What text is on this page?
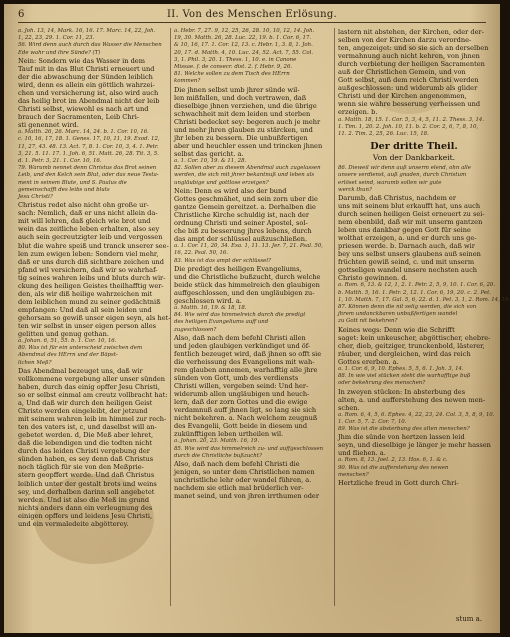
6	II. Von des Menschen Erlösung.
a. Joh. 13, 14, Mark. 16, 16. 17. Marc. 14, 22, Joh.
1, 22, 23, 29. 1. Cor. 11, 23.
56. Wird denn auch durch das Wasser die Menschen
Ede wahr und ihre Sünde? (T)
Nein: Sondern wie das Wasser in dem
Tauf mit in das Blut Christi erneuert und
der die abwaschung der Sünden leiblich
wird, denn es allein ein göttlich wahrzei-
chen und versicherung ist, also wird auch
das heilig brot im Abendmal nicht der leib
Christi selbst, wiewohl es nach art und
brauch der Sacramenten, Leib Chri-
sti genennet wird.
a. Matth. 26, 26. Marc. 14, 24. b. 1. Cor. 10, 16.
c. 10, 16, 17, 18. 1. Genes. 17, 10, 11, 19. Exod. 12,
11, 27, 43. 48. 13. Act. 7, 8. 1. Cor. 10, 3, 4. 1. Petr.
3, 21. 5. 11. 17. 1. Joh. 6, 51. Matt. 26, 28. Tit. 3, 5.
d. 1. Petr. 3, 21. 1. Cor. 10, 16.
79. Warumb nennet denn Christus das Brot seinen
Leib, und den Kelch sein Blut, oder das neue Testa-
ment in seinem Blute, und S. Paulus die
gemeinschafft des leibs und bluts
Jesu Christi?
Christus redet also nicht ohn große ur-
sach: Nemlich, daß er uns nicht allein da-
mit will lehren, daß gleich wie brot und
wein das zeitliche leben erhalten, also sey
auch sein gecreutzigter leib und vergossen
blut die wahre speiß und tranck unserer see-
len zum ewigen leben: Sondern viel mehr,
daß er uns durch diß sichtbare zeichen und
pfand wil versichern, daß wir so wahrhaf-
tig seines wahren leibs und bluts durch wir-
ckung des heiligen Geistes theilhafftig wer-
den, als wir diß heilige wahrzeichen mit
dem leiblichen mund zu seiner gedächtniß
empfangen: Und daß all sein leiden und
gehorsam so gewiß unser eigen seyn, als het-
ten wir selbst in unser eigen person alles
gelitten und genug gethan.
a. Johan. 6, 51, 55. b. 1. Cor. 10, 16.
80. Was ist für ein unterscheid zwischen dem
Abendmal des HErrn und der Bäpst-
lichen Meß?
Das Abendmal bezeuget uns, daß wir
vollkommene vergebung aller unser sünden
haben, durch das einig opffer Jesu Christi,
so er selbst einmal am creutz vollbracht hat:
a, Und daß wir durch den heiligen Geist
Christo werden eingeleibt, der jetzund
mit seinem wahren leib im himmel zur rech-
ten des vaters ist, c, und daselbst will an-
gebetet werden. d, Die Meß aber lehret,
daß die lebendigen und die todten nicht
durch das leiden Christi vergebung der
sünden haben, es sey denn daß Christus
noch täglich für sie von den Meßprie-
stern geopffert werde. Und daß Christus
leiblich unter der gestalt brots und weins
sey, und derhalben darinn soll angebetet
werden. Und ist also die Meß im grund
nichts anders dann ein verleugnung des
einigen opffers und leidens Jesu Christi,
und ein vermaledeite abgötterey.
a. Hebr. 7, 27. 9, 12, 25, 26, 28. 10, 10, 12, 14. Joh.
19, 30. Matth. 26, 28. Luc. 22, 19. b. 1. Cor. 6, 17.
& 10, 16, 17. 1. Cor. 12, 13. c. Hebr. 1, 3. 8, 1. Joh.
20, 17. d. Matth. 4, 10. Luc. 24, 52. Act. 7, 55. Col.
3, 1. Phil. 3, 20. 1. Thess. 1, 10. e. in Canone
Missae. f. de consecr. dist. 2. f. Hebr. 9, 26.
81. Welche sollen zu dem Tisch des HErrn
kommen?
Die jhnen selbst umb jhrer sünde wil-
len mißfallen, und doch vertrawen, daß
dieselbige jhnen verziehen, und die übrige
schwachheit mit dem leiden und sterben
Christi bedecket sey: begeren auch je mehr
und mehr jhren glauben zu stärcken, und
jhr leben zu bessern. Die unbußfertigen
aber und heuchler essen und trincken jhnen
selbst das gericht. a.
a. 1. Cor. 10, 19. & 11, 28.
82. Sollen aber zu diesem Abendmal auch zugelassen
werden, die sich mit jhrer bekantnuß und leben als
ungläubige und gottlose erzeigen?
Nein: Denn es wird also der bund
Gottes geschmähet, und sein zorn uber die
gantze Gemein gereitzet. a. Derhalben die
Christliche Kirche schuldig ist, nach der
ordnung Christi und seiner Apostel, sol-
che biß zu besserung jhres lebens, durch
das ampt der schlüssel außzuschließen.
a. 1. Cor. 11, 20, 34. Esa. 1, 11. 13. Jer. 7, 21. Psal. 50,
16, 22. Psal. 50, 16.
83. Was ist das ampt der schlüssel?
Die predigt des heiligen Evangeliums,
und die Christliche bußzucht, durch welche
beide stück das himmelreich den glaubigen
auffgeschlossen, und den ungläubigen zu-
geschlossen wird. a.
a. Matth. 16, 19. & 18, 18.
84. Wie wird das himmelreich durch die predigt
des heiligen Evangeliums auff und
zugeschlossen?
Also, daß nach dem befehl Christi allen
und jeden glaubigen verkündiget und öf-
fentlich bezeuget wird, daß jhnen so offt sie
die verheissung des Evangelions mit wah-
rem glauben annemen, warhafftig alle jhre
sünden von Gott, umb des verdiensts
Christi willen, vergeben seind: Und her-
widerumb allen ungläubigen und heuch-
lern, daß der zorn Gottes und die ewige
verdamnuß auff jhnen ligt, so lang sie sich
nicht bekehren. a. Nach welchem zeugnuß
des Evangelii, Gott beide in diesem und
zukünfftigen leben urtheilen wil.
a. Johan. 20, 23. Matth. 16, 19.
85. Wie wird das himmelreich zu- und auffgeschlossen
durch die Christliche bußzucht?
Also, daß nach dem befehl Christi die
jenigen, so unter dem Christlichen namen
unchristliche lehr oder wandel führen, a.
nachdem sie etlich mal brüderlich ver-
manet seind, und von jhren irrthumen oder
lastern nit abstehen, der Kirchen, oder der-
selben von der Kirchen darzu verordne-
ten, angezeiget: und so sie sich an derselben
vermahnung auch nicht kehren, von jhnen
durch verbietung der heiligen Sacramenten
auß der Christlichen Gemein, und von
Gott selbst, auß dem reich Christi werden
außgeschlossen: und widerumb als glider
Christi und der Kirchen angenommen,
wenn sie wahre besserung verheissen und
erzeigen. b.
a. Matth. 18, 15. 1. Cor. 5, 3, 4, 5, 11. 2. Thess. 3, 14.
1. Tim. 1, 20. 2. Joh. 10, 11. b. 2. Cor. 2, 6, 7, 8, 10,
11. 2. Tim. 2, 25, 26. Luc. 15, 18.
Der dritte Theil.
Von der Dankbarkeit.
86. Dieweil wir denn auß unserm elend, ohn alle
unsere verdienst, auß gnaden, durch Christum
erlöset seind, warumb sollen wir gute
werck thun?
Darumb, daß Christus, nachdem er
uns mit seinem blut erkaufft hat, uns auch
durch seinen heiligen Geist erneuert zu sei-
nem ebenbild, daß wir mit unserm gantzen
leben uns dankbar gegen Gott für seine
wolthat erzeigen, a. und er durch uns ge-
priesen werde. b. Darnach auch, daß wir
bey uns selbst unsers glaubens auß seinen
früchten gewiß seind, c. und mit unserm
gottseligen wandel unsere nechsten auch
Christo gewinnen. d.
a. Rom. 6, 13. & 12, 1, 2. 1. Petr. 2, 5, 9, 10. 1. Cor. 6, 20.
b. Matth. 5, 16. 1. Petr. 2, 12. 1. Cor. 6, 19, 20. c. 2. Pet.
1, 10. Matth. 7, 17. Gal. 5, 6, 22. d. 1. Pet. 3, 1, 2. Rom. 14, 19.
87. Können denn die nit selig werden, die sich von
jhrem undanckbaren unbußfertigen wandel
zu Gott nit bekehren?
Keines wegs: Denn wie die Schrifft
saget: kein unkeuscher, abgöttischer, ehebre-
cher, dieb, geitziger, trunckenbold, lästerer,
räuber, und dergleichen, wird das reich
Gottes ererben. a.
a. 1. Cor. 6, 9, 10. Ephes. 5, 5, 6. 1. Joh. 3, 14.
88. In wie viel stücken steht die warhafftige buß
oder bekehrung des menschen?
In zweyen stücken: In absterbung des
alten, a. und aufferstehung des newen men-
schen.
a. Rom. 6, 4, 5, 6. Ephes. 4, 22, 23, 24. Col. 3, 5, 8, 9, 10.
1. Cor. 5, 7. 2. Cor. 7, 10.
89. Was ist die absterbung des alten menschen?
Jhm die sünde von hertzen lassen leid
seyn, und dieselbige je länger je mehr hassen
und fliehen. a.
a. Rom. 8, 13. Joel. 2, 13. Hos. 6, 1. & c.
90. Was ist die aufferstehung des newen
menschen?
Hertzliche freud in Gott durch Chri-
stum a.
